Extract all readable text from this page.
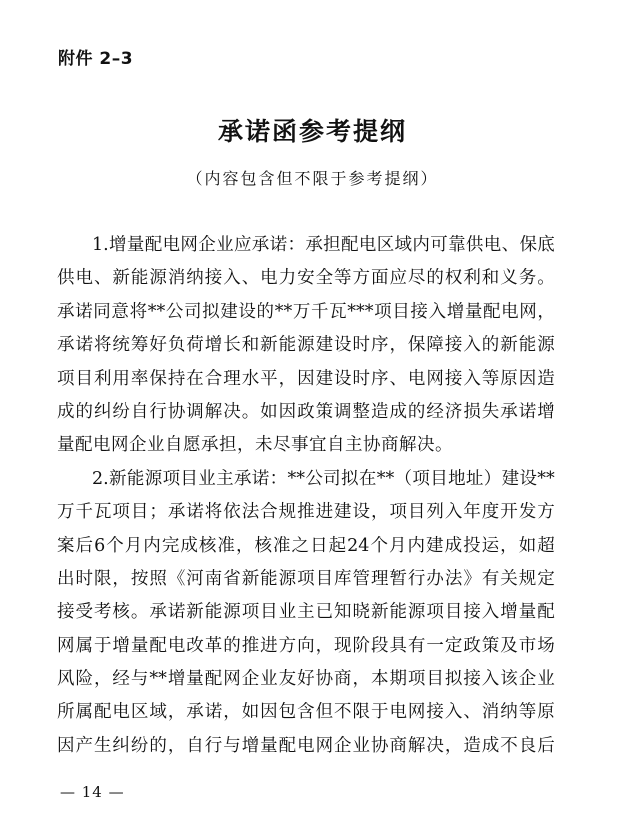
附件 2–3
承诺函参考提纲
（内容包含但不限于参考提纲）
1. 增 量 配 电 网 企 业 应 承 诺 ： 承 担 配 电 区 域 内 可 靠 供 电 、 保 底
供 电 、 新 能 源 消 纳 接 入 、 电 力 安 全 等 方 面 应 尽 的 权 利 和 义 务 。
承 诺 同 意 将 ** 公 司 拟 建 设 的 ** 万 千 瓦 *** 项 目 接 入 增 量 配 电 网 ，
承 诺 将 统 筹 好 负 荷 增 长 和 新 能 源 建 设 时 序 ， 保 障 接 入 的 新 能 源
项 目 利 用 率 保 持 在 合 理 水 平 ， 因 建 设 时 序 、 电 网 接 入 等 原 因 造
成 的 纠 纷 自 行 协 调 解 决 。 如 因 政 策 调 整 造 成 的 经 济 损 失 承 诺 增
量配电网企业自愿承担，未尽事宜自主协商解决。
2. 新 能 源 项 目 业 主 承 诺 ： ** 公 司 拟 在 ** （ 项 目 地 址 ） 建 设 **
万 千 瓦 项 目 ； 承 诺 将 依 法 合 规 推 进 建 设 ， 项 目 列 入 年 度 开 发 方
案 后 6 个 月 内 完 成 核 准 ， 核 准 之 日 起 24 个 月 内 建 成 投 运 ， 如 超
出 时 限 ， 按 照 《 河 南 省 新 能 源 项 目 库 管 理 暂 行 办 法 》 有 关 规 定
接 受 考 核 。 承 诺 新 能 源 项 目 业 主 已 知 晓 新 能 源 项 目 接 入 增 量 配
网 属 于 增 量 配 电 改 革 的 推 进 方 向 ， 现 阶 段 具 有 一 定 政 策 及 市 场
风 险 ， 经 与 ** 增 量 配 网 企 业 友 好 协 商 ， 本 期 项 目 拟 接 入 该 企 业
所 属 配 电 区 域 ， 承 诺 ， 如 因 包 含 但 不 限 于 电 网 接 入 、 消 纳 等 原
因 产 生 纠 纷 的 ， 自 行 与 增 量 配 电 网 企 业 协 商 解 决 ， 造 成 不 良 后
— 14 —
